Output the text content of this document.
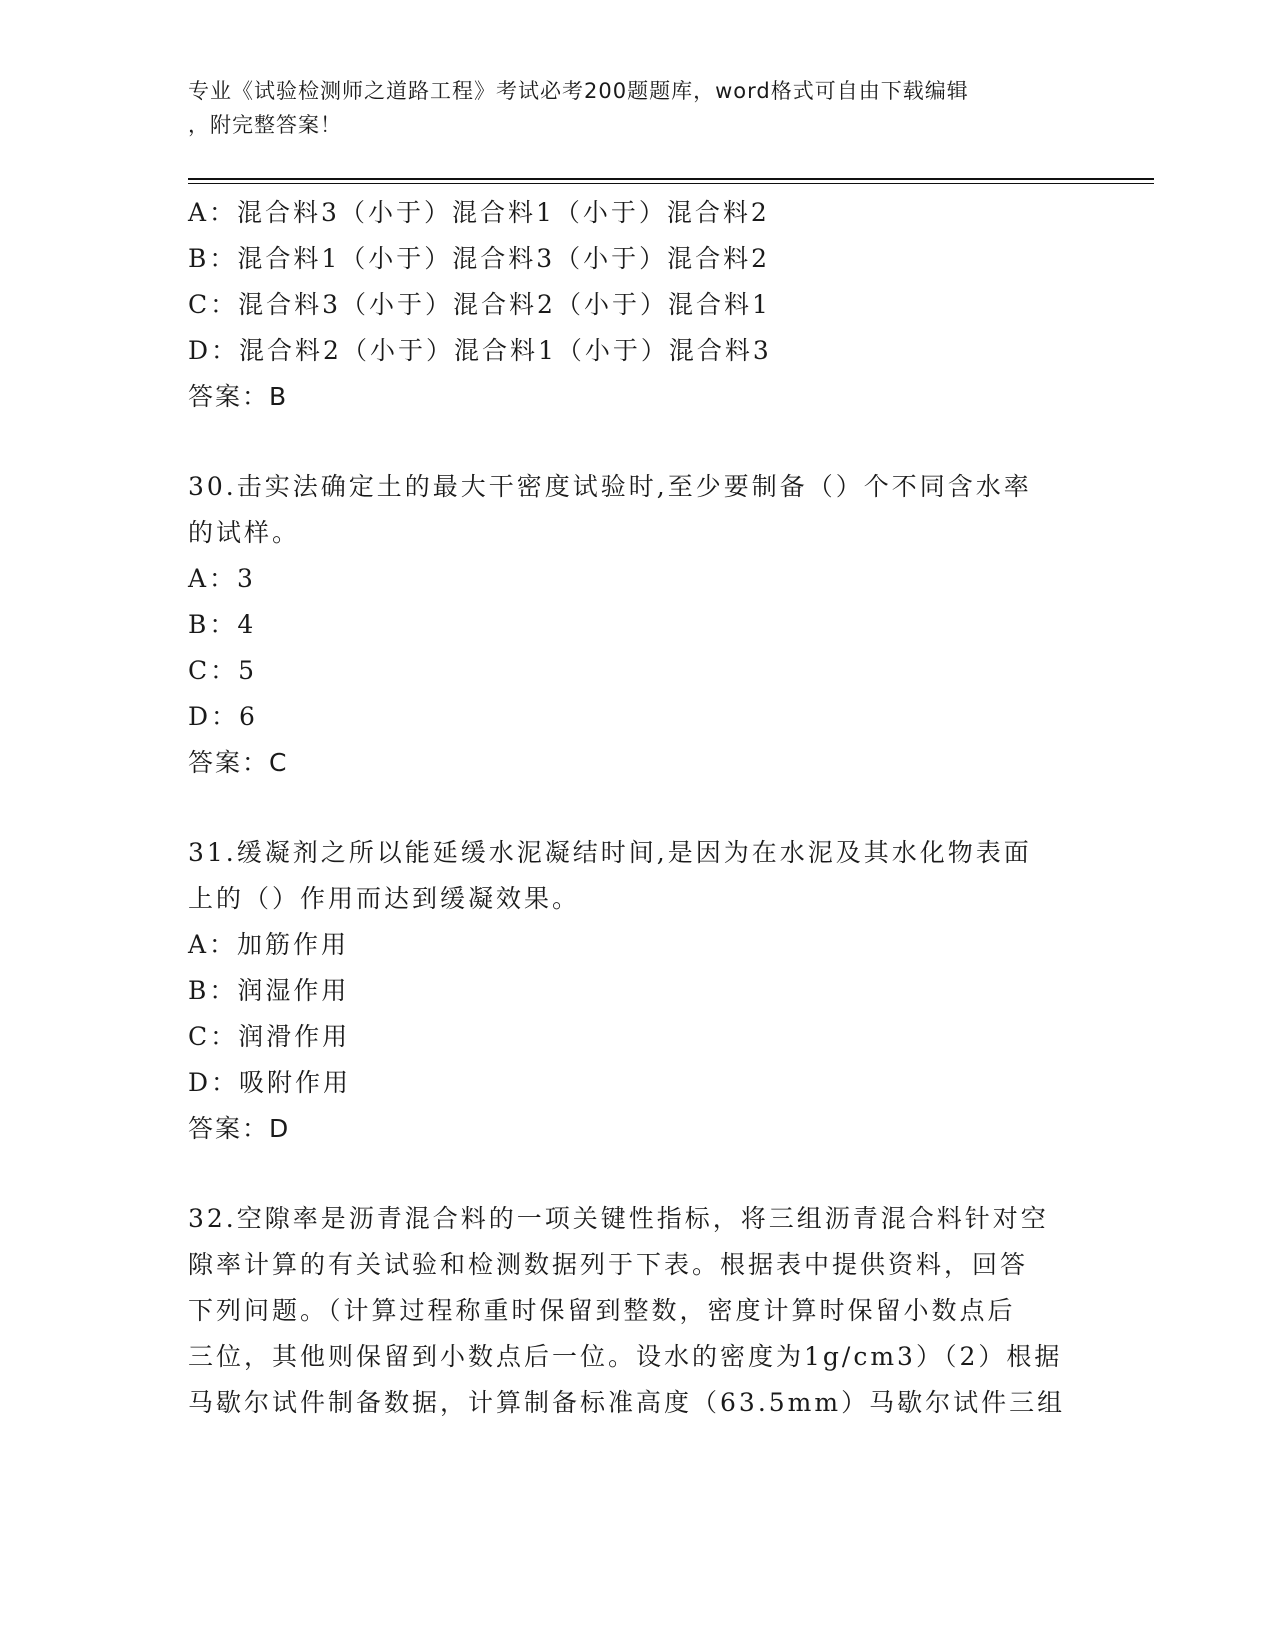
专业《试验检测师之道路工程》考试必考200题题库，word格式可自由下载编辑
，附完整答案！
A：混合料3（小于）混合料1（小于）混合料2
B：混合料1（小于）混合料3（小于）混合料2
C：混合料3（小于）混合料2（小于）混合料1
D：混合料2（小于）混合料1（小于）混合料3
答案：B
30.击实法确定土的最大干密度试验时,至少要制备（）个不同含水率
的试样。
A：3
B：4
C：5
D：6
答案：C
31.缓凝剂之所以能延缓水泥凝结时间,是因为在水泥及其水化物表面
上的（）作用而达到缓凝效果。
A：加筋作用
B：润湿作用
C：润滑作用
D：吸附作用
答案：D
32.空隙率是沥青混合料的一项关键性指标，将三组沥青混合料针对空
隙率计算的有关试验和检测数据列于下表。根据表中提供资料，回答
下列问题。（计算过程称重时保留到整数，密度计算时保留小数点后
三位，其他则保留到小数点后一位。设水的密度为1g/cm3）（2）根据
马歇尔试件制备数据，计算制备标准高度（63.5mm）马歇尔试件三组
